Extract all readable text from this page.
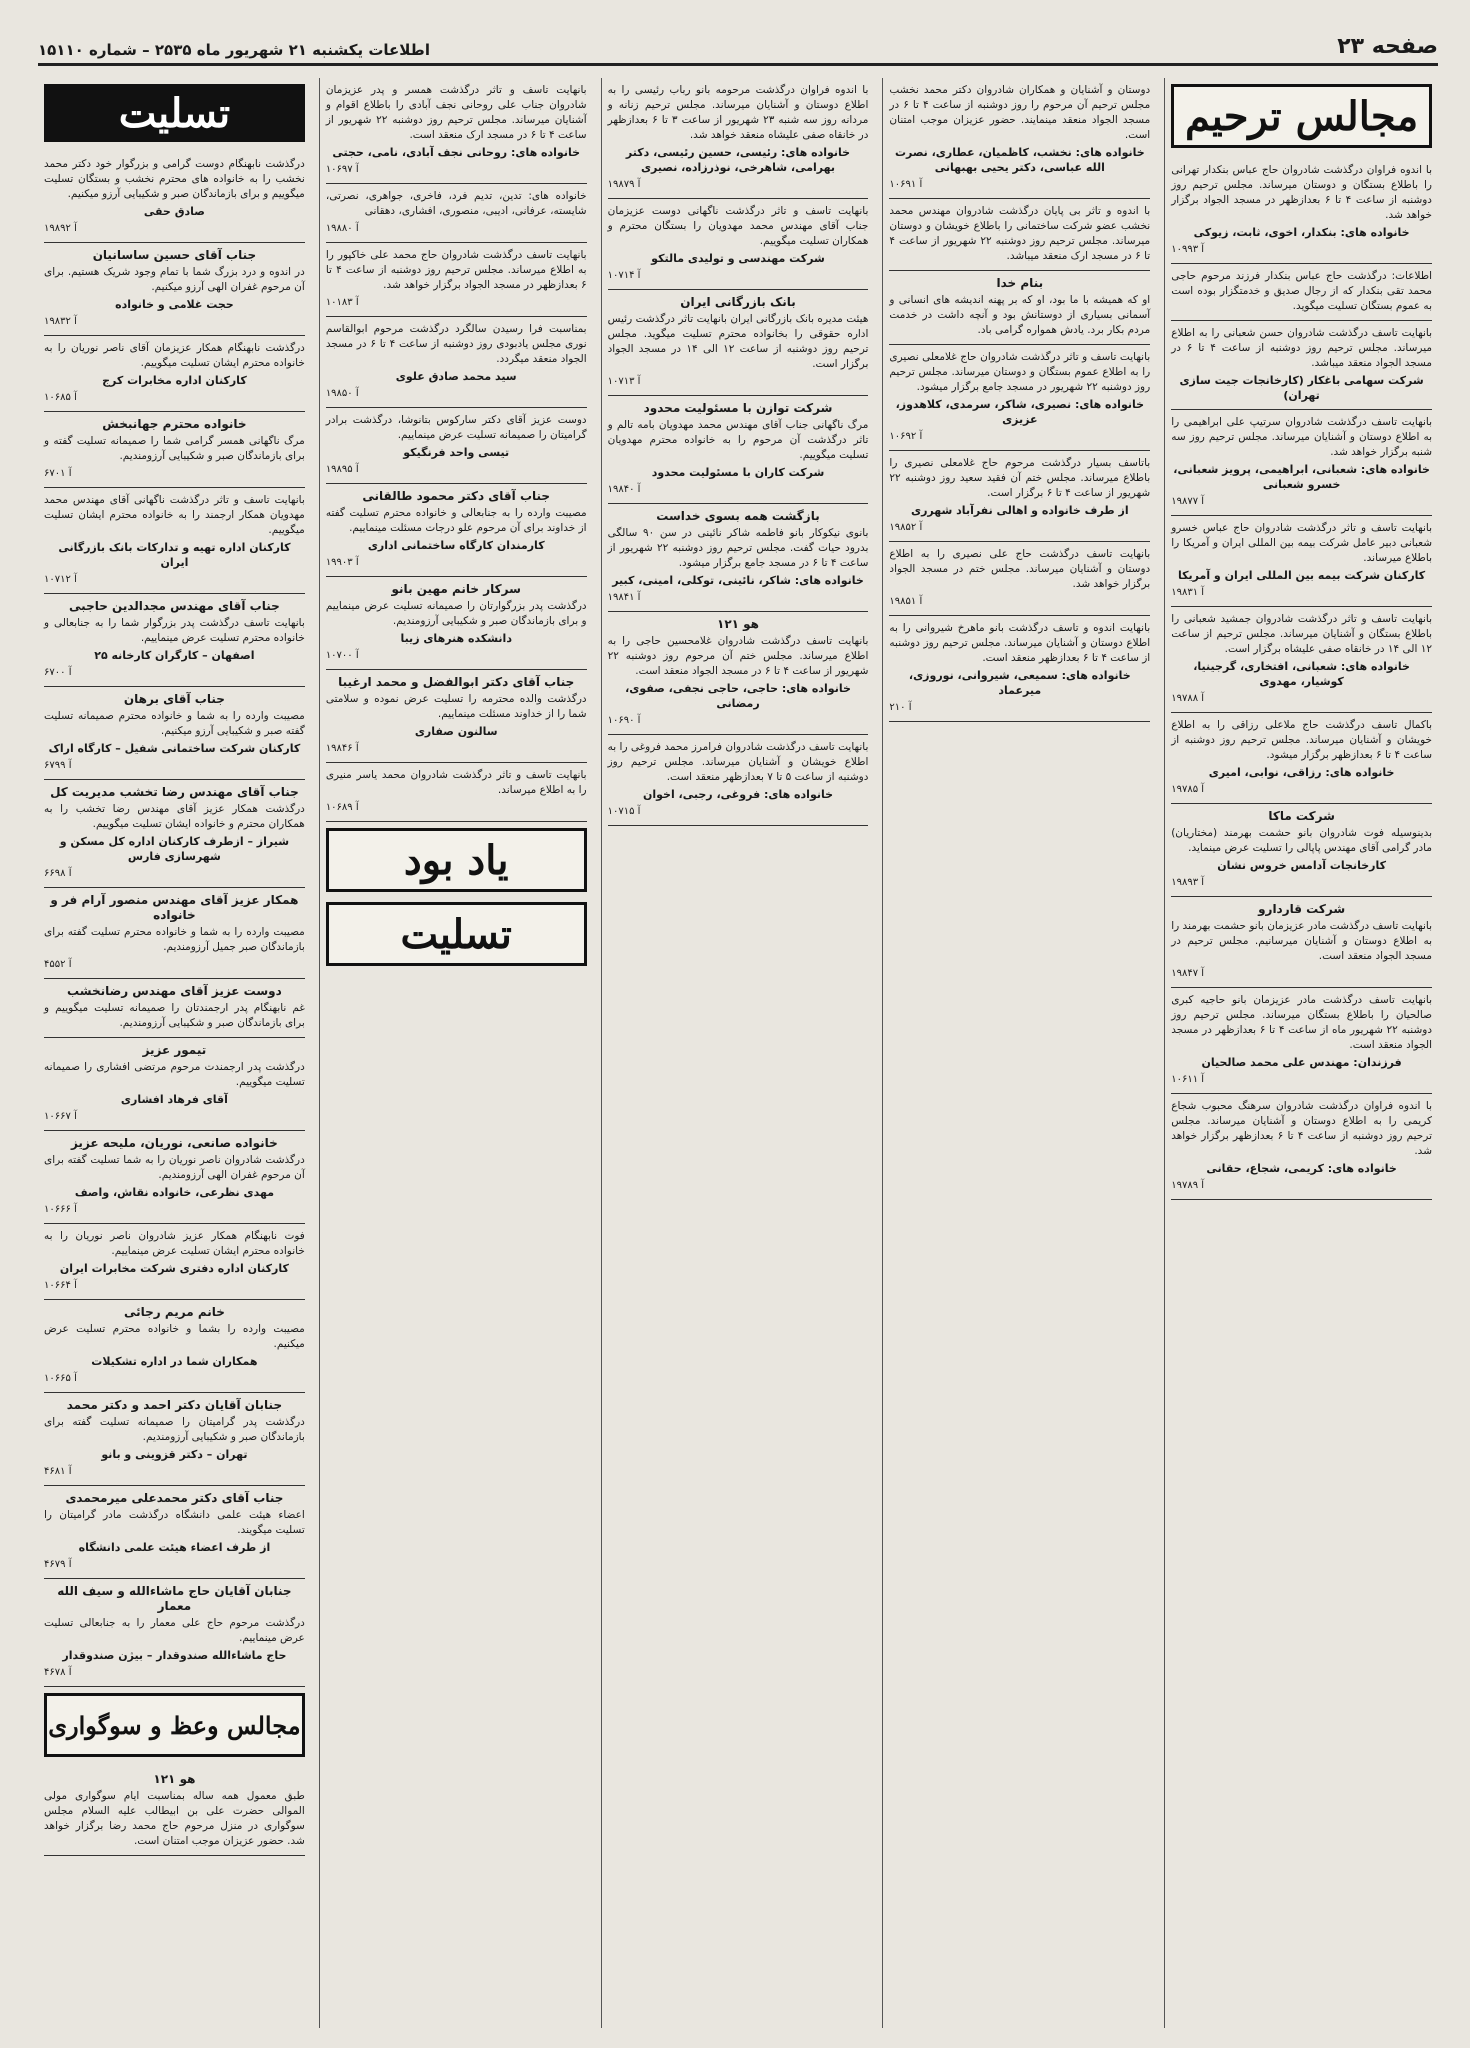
صفحه ۲۳
اطلاعات یکشنبه ۲۱ شهریور ماه ۲۵۳۵ – شماره ۱۵۱۱۰
مجالس ترحیم

با اندوه فراوان درگذشت شادروان حاج عباس بنکدار تهرانی را باطلاع بستگان و دوستان میرساند. مجلس ترحیم روز دوشنبه از ساعت ۴ تا ۶ بعدازظهر در مسجد الجواد برگزار خواهد شد.

خانواده های: بنکدار، اخوی، ثابت، زیوکی
۱۰۹۹۳ آ

اطلاعات: درگذشت حاج عباس بنکدار فرزند مرحوم حاجی محمد تقی بنکدار که از رجال صدیق و خدمتگزار بوده است به عموم بستگان تسلیت میگوید.

بانهایت تاسف درگذشت شادروان حسن شعبانی را به اطلاع میرساند. مجلس ترحیم روز دوشنبه از ساعت ۴ تا ۶ در مسجد الجواد منعقد میباشد.

شرکت سهامی باغکار (کارخانجات جیت سازی تهران)

بانهایت تاسف درگذشت شادروان سرتیپ علی ابراهیمی را به اطلاع دوستان و آشنایان میرساند. مجلس ترحیم روز سه شنبه برگزار خواهد شد.

خانواده های: شعبانی، ابراهیمی، پرویز شعبانی، خسرو شعبانی
۱۹۸۷۷ آ

بانهایت تاسف و تاثر درگذشت شادروان حاج عباس خسرو شعبانی دبیر عامل شرکت بیمه بین المللی ایران و آمریکا را باطلاع میرساند.

کارکنان شرکت بیمه بین المللی ایران و آمریکا
۱۹۸۳۱ آ

بانهایت تاسف و تاثر درگذشت شادروان جمشید شعبانی را باطلاع بستگان و آشنایان میرساند. مجلس ترحیم از ساعت ۱۲ الی ۱۴ در خانقاه صفی علیشاه برگزار است.

خانواده های: شعبانی، افتخاری، گرجینیا، کوشیار، مهدوی
۱۹۷۸۸ آ

باکمال تاسف درگذشت حاج ملاعلی رزاقی را به اطلاع خویشان و آشنایان میرساند. مجلس ترحیم روز دوشنبه از ساعت ۴ تا ۶ بعدازظهر برگزار میشود.

خانواده های: رزاقی، نوابی، امیری
۱۹۷۸۵ آ
شرکت ماکا

بدینوسیله فوت شادروان بانو حشمت بهرمند (مختاریان) مادر گرامی آقای مهندس پاپالی را تسلیت عرض مینماید.

کارخانجات آدامس خروس نشان
۱۹۸۹۳ آ
شرکت قاردارو

بانهایت تاسف درگذشت مادر عزیزمان بانو حشمت بهرمند را به اطلاع دوستان و آشنایان میرسانیم. مجلس ترحیم در مسجد الجواد منعقد است.

۱۹۸۴۷ آ

بانهایت تاسف درگذشت مادر عزیزمان بانو حاجیه کبری صالحیان را باطلاع بستگان میرساند. مجلس ترحیم روز دوشنبه ۲۲ شهریور ماه از ساعت ۴ تا ۶ بعدازظهر در مسجد الجواد منعقد است.

فرزندان: مهندس علی محمد صالحیان
۱۰۶۱۱ آ

با اندوه فراوان درگذشت شادروان سرهنگ محبوب شجاع کریمی را به اطلاع دوستان و آشنایان میرساند. مجلس ترحیم روز دوشنبه از ساعت ۴ تا ۶ بعدازظهر برگزار خواهد شد.

خانواده های: کریمی، شجاع، حقانی
۱۹۷۸۹ آ

دوستان و آشنایان و همکاران شادروان دکتر محمد نخشب مجلس ترحیم آن مرحوم را روز دوشنبه از ساعت ۴ تا ۶ در مسجد الجواد منعقد مینمایند. حضور عزیزان موجب امتنان است.

خانواده های: نخشب، کاظمیان، عطاری، نصرت الله عباسی، دکتر یحیی بهبهانی
۱۰۶۹۱ آ

با اندوه و تاثر بی پایان درگذشت شادروان مهندس محمد نخشب عضو شرکت ساختمانی را باطلاع خویشان و دوستان میرساند. مجلس ترحیم روز دوشنبه ۲۲ شهریور از ساعت ۴ تا ۶ در مسجد ارک منعقد میباشد.

بنام خدا

او که همیشه با ما بود، او که بر پهنه اندیشه های انسانی و آسمانی بسیاری از دوستانش بود و آنچه داشت در خدمت مردم بکار برد. یادش همواره گرامی باد.

بانهایت تاسف و تاثر درگذشت شادروان حاج غلامعلی نصیری را به اطلاع عموم بستگان و دوستان میرساند. مجلس ترحیم روز دوشنبه ۲۲ شهریور در مسجد جامع برگزار میشود.

خانواده های: نصیری، شاکر، سرمدی، کلاهدوز، عزیزی
۱۰۶۹۲ آ

باتاسف بسیار درگذشت مرحوم حاج غلامعلی نصیری را باطلاع میرساند. مجلس ختم آن فقید سعید روز دوشنبه ۲۲ شهریور از ساعت ۴ تا ۶ برگزار است.

از طرف خانواده و اهالی نفرآباد شهرری
۱۹۸۵۲ آ

بانهایت تاسف درگذشت حاج علی نصیری را به اطلاع دوستان و آشنایان میرساند. مجلس ختم در مسجد الجواد برگزار خواهد شد.

۱۹۸۵۱ آ

بانهایت اندوه و تاسف درگذشت بانو ماهرخ شیروانی را به اطلاع دوستان و آشنایان میرساند. مجلس ترحیم روز دوشنبه از ساعت ۴ تا ۶ بعدازظهر منعقد است.

خانواده های: سمیعی، شیروانی، نوروزی، میرعماد
۲۱۰ آ

با اندوه فراوان درگذشت مرحومه بانو رباب رئیسی را به اطلاع دوستان و آشنایان میرساند. مجلس ترحیم زنانه و مردانه روز سه شنبه ۲۳ شهریور از ساعت ۳ تا ۶ بعدازظهر در خانقاه صفی علیشاه منعقد خواهد شد.

خانواده های: رئیسی، حسین رئیسی، دکتر بهرامی، شاهرخی، نوذرزاده، نصیری
۱۹۸۷۹ آ

بانهایت تاسف و تاثر درگذشت ناگهانی دوست عزیزمان جناب آقای مهندس محمد مهدویان را بستگان محترم و همکاران تسلیت میگوییم.

شرکت مهندسی و تولیدی مالتکو
۱۰۷۱۴ آ
بانک بازرگانی ایران

هیئت مدیره بانک بازرگانی ایران بانهایت تاثر درگذشت رئیس اداره حقوقی را بخانواده محترم تسلیت میگوید. مجلس ترحیم روز دوشنبه از ساعت ۱۲ الی ۱۴ در مسجد الجواد برگزار است.

۱۰۷۱۳ آ
شرکت توازن با مسئولیت محدود

مرگ ناگهانی جناب آقای مهندس محمد مهدویان بامه تالم و تاثر درگذشت آن مرحوم را به خانواده محترم مهدویان تسلیت میگوییم.

شرکت کاران با مسئولیت محدود
۱۹۸۴۰ آ
بازگشت همه بسوی خداست

بانوی نیکوکار بانو فاطمه شاکر نائینی در سن ۹۰ سالگی بدرود حیات گفت. مجلس ترحیم روز دوشنبه ۲۲ شهریور از ساعت ۴ تا ۶ در مسجد جامع برگزار میشود.

خانواده های: شاکر، نائینی، توکلی، امینی، کبیر
۱۹۸۴۱ آ
هو ۱۲۱

بانهایت تاسف درگذشت شادروان غلامحسین حاجی را به اطلاع میرساند. مجلس ختم آن مرحوم روز دوشنبه ۲۲ شهریور از ساعت ۴ تا ۶ در مسجد الجواد منعقد است.

خانواده های: حاجی، حاجی نجفی، صفوی، رمضانی
۱۰۶۹۰ آ

بانهایت تاسف درگذشت شادروان فرامرز محمد فروغی را به اطلاع خویشان و آشنایان میرساند. مجلس ترحیم روز دوشنبه از ساعت ۵ تا ۷ بعدازظهر منعقد است.

خانواده های: فروغی، رجبی، اخوان
۱۰۷۱۵ آ

بانهایت تاسف و تاثر درگذشت همسر و پدر عزیزمان شادروان جناب علی روحانی نجف آبادی را باطلاع اقوام و آشنایان میرساند. مجلس ترحیم روز دوشنبه ۲۲ شهریور از ساعت ۴ تا ۶ در مسجد ارک منعقد است.

خانواده های: روحانی نجف آبادی، نامی، حجتی
۱۰۶۹۷ آ

خانواده های: تدین، تدیم فرد، فاخری، جواهری، نصرتی، شایسته، عرفانی، ادیبی، منصوری، افشاری، دهقانی

۱۹۸۸۰ آ

بانهایت تاسف درگذشت شادروان حاج محمد علی خاکپور را به اطلاع میرساند. مجلس ترحیم روز دوشنبه از ساعت ۴ تا ۶ بعدازظهر در مسجد الجواد برگزار خواهد شد.

۱۰۱۸۳ آ

بمناسبت فرا رسیدن سالگرد درگذشت مرحوم ابوالقاسم نوری مجلس یادبودی روز دوشنبه از ساعت ۴ تا ۶ در مسجد الجواد منعقد میگردد.

سید محمد صادق علوی
۱۹۸۵۰ آ

دوست عزیز آقای دکتر سارکوس بتانوشا، درگذشت برادر گرامیتان را صمیمانه تسلیت عرض مینماییم.

تیسی واحد فرنگیکو
۱۹۸۹۵ آ
جناب آقای دکتر محمود طالقانی

مصیبت وارده را به جنابعالی و خانواده محترم تسلیت گفته از خداوند برای آن مرحوم علو درجات مسئلت مینماییم.

کارمندان کارگاه ساختمانی اداری
۱۹۹۰۳ آ
سرکار خانم مهین بانو

درگذشت پدر بزرگوارتان را صمیمانه تسلیت عرض مینماییم و برای بازماندگان صبر و شکیبایی آرزومندیم.

دانشکده هنرهای زیبا
۱۰۷۰۰ آ
جناب آقای دکتر ابوالفضل و محمد ارغیبا

درگذشت والده محترمه را تسلیت عرض نموده و سلامتی شما را از خداوند مسئلت مینماییم.

سالنون صفاری
۱۹۸۴۶ آ

بانهایت تاسف و تاثر درگذشت شادروان محمد یاسر منیری را به اطلاع میرساند.

۱۰۶۸۹ آ
یاد بود
تسلیت
تسلیت

درگذشت نابهنگام دوست گرامی و بزرگوار خود دکتر محمد نخشب را به خانواده های محترم نخشب و بستگان تسلیت میگوییم و برای بازماندگان صبر و شکیبایی آرزو میکنیم.

صادق حقی
۱۹۸۹۲ آ
جناب آقای حسین ساسانیان

در اندوه و درد بزرگ شما با تمام وجود شریک هستیم. برای آن مرحوم غفران الهی آرزو میکنیم.

حجت غلامی و خانواده
۱۹۸۳۲ آ

درگذشت نابهنگام همکار عزیزمان آقای ناصر نوریان را به خانواده محترم ایشان تسلیت میگوییم.

کارکنان اداره مخابرات کرج
۱۰۶۸۵ آ
خانواده محترم جهانبخش

مرگ ناگهانی همسر گرامی شما را صمیمانه تسلیت گفته و برای بازماندگان صبر و شکیبایی آرزومندیم.

۶۷۰۱ آ

بانهایت تاسف و تاثر درگذشت ناگهانی آقای مهندس محمد مهدویان همکار ارجمند را به خانواده محترم ایشان تسلیت میگوییم.

کارکنان اداره تهیه و تدارکات بانک بازرگانی ایران
۱۰۷۱۲ آ
جناب آقای مهندس مجدالدین حاجبی

بانهایت تاسف درگذشت پدر بزرگوار شما را به جنابعالی و خانواده محترم تسلیت عرض مینماییم.

اصفهان – کارگران کارخانه ۲۵
۶۷۰۰ آ
جناب آقای برهان

مصیبت وارده را به شما و خانواده محترم صمیمانه تسلیت گفته صبر و شکیبایی آرزو میکنیم.

کارکنان شرکت ساختمانی شفیل – کارگاه اراک
۶۷۹۹ آ
جناب آقای مهندس رضا تخشب مدیریت کل

درگذشت همکار عزیز آقای مهندس رضا تخشب را به همکاران محترم و خانواده ایشان تسلیت میگوییم.

شیراز – ازطرف کارکنان اداره کل مسکن و شهرسازی فارس
۶۶۹۸ آ
همکار عزیز آقای مهندس منصور آرام فر و خانواده

مصیبت وارده را به شما و خانواده محترم تسلیت گفته برای بازماندگان صبر جمیل آرزومندیم.

۴۵۵۲ آ
دوست عزیز آقای مهندس رضانخشب

غم نابهنگام پدر ارجمندتان را صمیمانه تسلیت میگوییم و برای بازماندگان صبر و شکیبایی آرزومندیم.

تیمور عزیز

درگذشت پدر ارجمندت مرحوم مرتضی افشاری را صمیمانه تسلیت میگوییم.

آقای فرهاد افشاری
۱۰۶۶۷ آ
خانواده صانعی، نوریان، ملیحه عزیز

درگذشت شادروان ناصر نوریان را به شما تسلیت گفته برای آن مرحوم غفران الهی آرزومندیم.

مهدی نظرعی، خانواده نقاش، واصف
۱۰۶۶۶ آ

فوت نابهنگام همکار عزیز شادروان ناصر نوریان را به خانواده محترم ایشان تسلیت عرض مینماییم.

کارکنان اداره دفتری شرکت مخابرات ایران
۱۰۶۶۴ آ
خانم مریم رجائی

مصیبت وارده را بشما و خانواده محترم تسلیت عرض میکنیم.

همکاران شما در اداره تشکیلات
۱۰۶۶۵ آ
جنابان آقایان دکتر احمد و دکتر محمد

درگذشت پدر گرامیتان را صمیمانه تسلیت گفته برای بازماندگان صبر و شکیبایی آرزومندیم.

تهران – دکتر قزوینی و بانو
۴۶۸۱ آ
جناب آقای دکتر محمدعلی میرمحمدی

اعضاء هیئت علمی دانشگاه درگذشت مادر گرامیتان را تسلیت میگویند.

از طرف اعضاء هیئت علمی دانشگاه
۴۶۷۹ آ
جنابان آقایان حاج ماشاءالله و سیف الله معمار

درگذشت مرحوم حاج علی معمار را به جنابعالی تسلیت عرض مینماییم.

حاج ماشاءالله صندوقدار – بیژن صندوقدار
۴۶۷۸ آ
مجالس وعظ و سوگواری
هو ۱۲۱

طبق معمول همه ساله بمناسبت ایام سوگواری مولی الموالی حضرت علی بن ابیطالب علیه السلام مجلس سوگواری در منزل مرحوم حاج محمد رضا برگزار خواهد شد. حضور عزیزان موجب امتنان است.
